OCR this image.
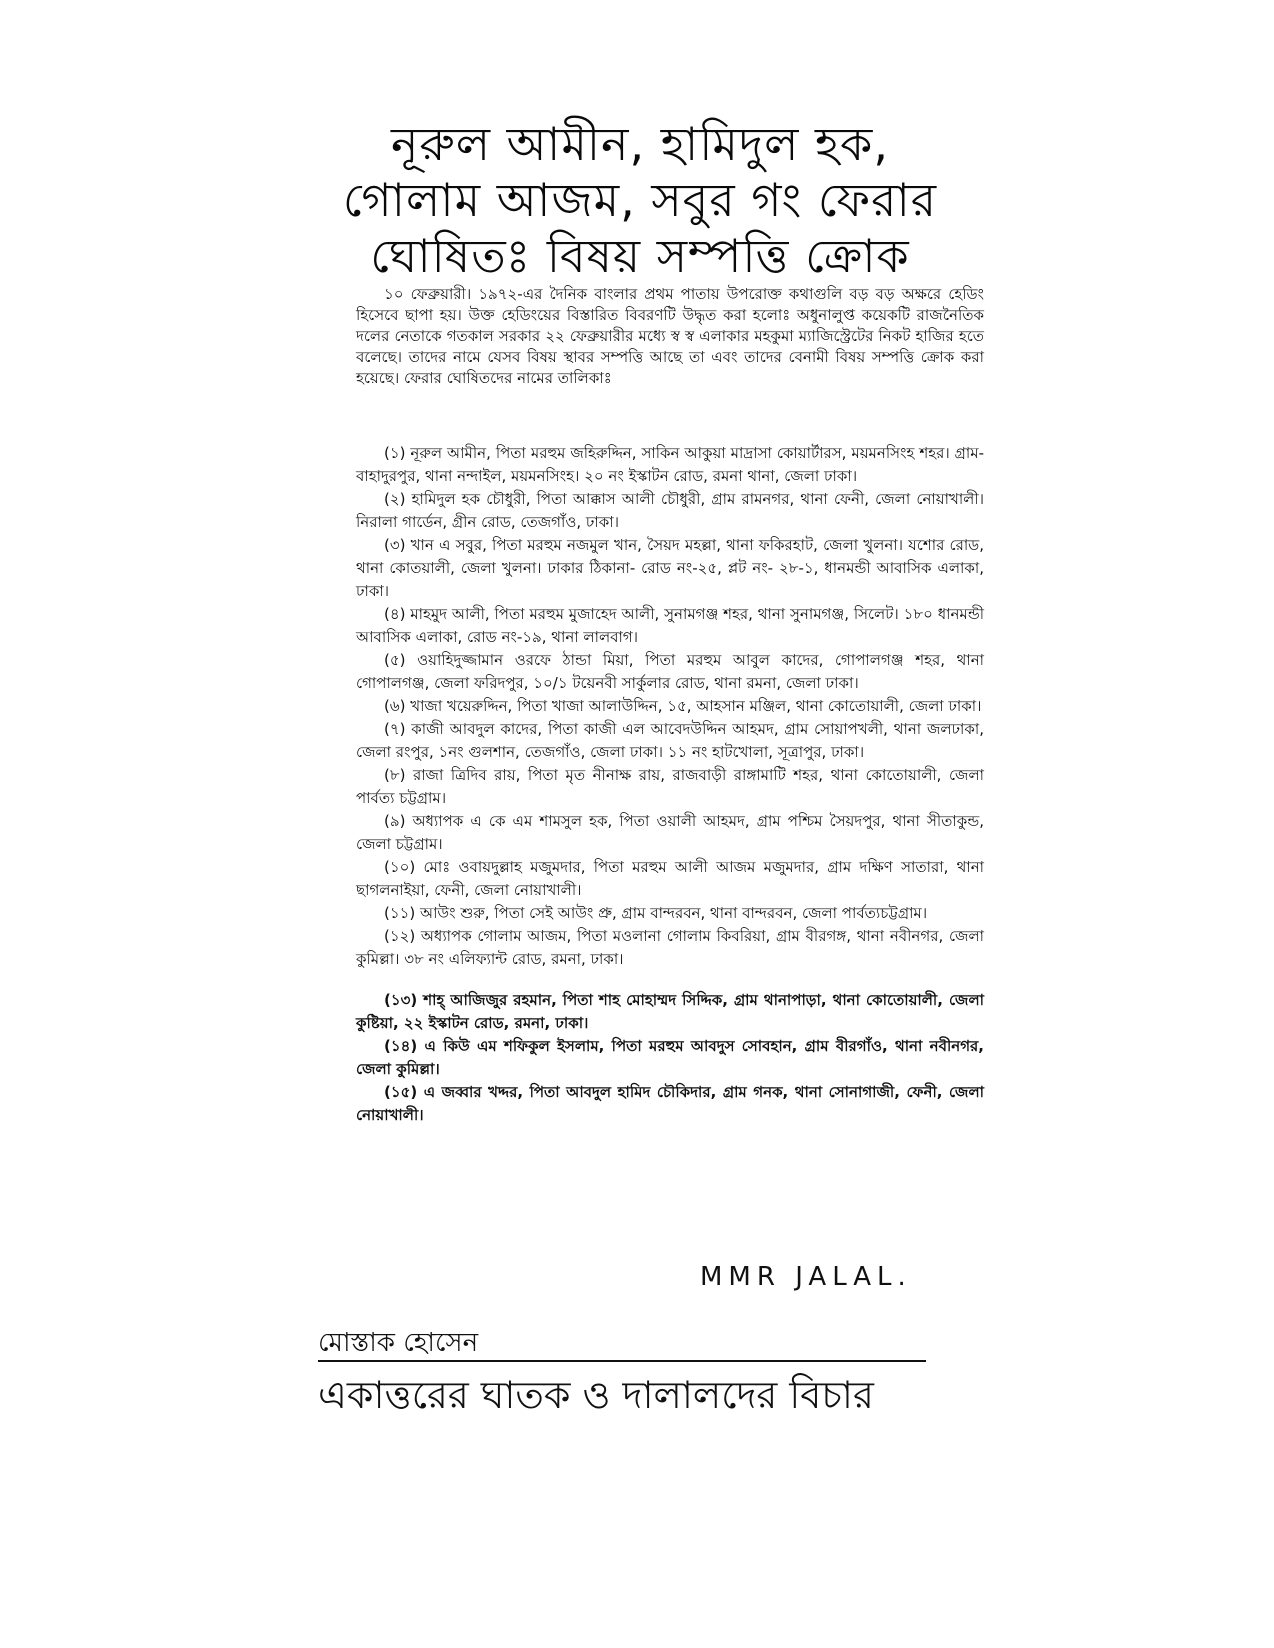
নূরুল আমীন, হামিদুল হক,
গোলাম আজম, সবুর গং ফেরার
ঘোষিতঃ বিষয় সম্পত্তি ক্রোক

১০ ফেব্রুয়ারী। ১৯৭২-এর দৈনিক বাংলার প্রথম পাতায় উপরোক্ত কথাগুলি বড় বড় অক্ষরে হেডিং হিসেবে ছাপা হয়। উক্ত হেডিংয়ের বিস্তারিত বিবরণটি উদ্ধৃত করা হলোঃ অধুনালুপ্ত কয়েকটি রাজনৈতিক দলের নেতাকে গতকাল সরকার ২২ ফেব্রুয়ারীর মধ্যে স্ব স্ব এলাকার মহকুমা ম্যাজিস্ট্রেটের নিকট হাজির হতে বলেছে। তাদের নামে যেসব বিষয় স্থাবর সম্পত্তি আছে তা এবং তাদের বেনামী বিষয় সম্পত্তি ক্রোক করা হয়েছে। ফেরার ঘোষিতদের নামের তালিকাঃ

(১) নূরুল আমীন, পিতা মরহুম জহিরুদ্দিন, সাকিন আকুয়া মাদ্রাসা কোয়ার্টারস, ময়মনসিংহ শহর। গ্রাম- বাহাদুরপুর, থানা নন্দাইল, ময়মনসিংহ। ২০ নং ইস্কাটন রোড, রমনা থানা, জেলা ঢাকা।

(২) হামিদুল হক চৌধুরী, পিতা আক্কাস আলী চৌধুরী, গ্রাম রামনগর, থানা ফেনী, জেলা নোয়াখালী। নিরালা গার্ডেন, গ্রীন রোড, তেজগাঁও, ঢাকা।

(৩) খান এ সবুর, পিতা মরহুম নজমুল খান, সৈয়দ মহল্লা, থানা ফকিরহাট, জেলা খুলনা। যশোর রোড, থানা কোতয়ালী, জেলা খুলনা। ঢাকার ঠিকানা- রোড নং-২৫, প্লট নং- ২৮-১, ধানমন্ডী আবাসিক এলাকা, ঢাকা।

(৪) মাহমুদ আলী, পিতা মরহুম মুজাহেদ আলী, সুনামগঞ্জ শহর, থানা সুনামগঞ্জ, সিলেট। ১৮০ ধানমন্ডী আবাসিক এলাকা, রোড নং-১৯, থানা লালবাগ।

(৫) ওয়াহিদুজ্জামান ওরফে ঠান্ডা মিয়া, পিতা মরহুম আবুল কাদের, গোপালগঞ্জ শহর, থানা গোপালগঞ্জ, জেলা ফরিদপুর, ১০/১ টয়েনবী সার্কুলার রোড, থানা রমনা, জেলা ঢাকা।

(৬) খাজা খয়েরুদ্দিন, পিতা খাজা আলাউদ্দিন, ১৫, আহসান মঞ্জিল, থানা কোতোয়ালী, জেলা ঢাকা।

(৭) কাজী আবদুল কাদের, পিতা কাজী এল আবেদউদ্দিন আহমদ, গ্রাম সোয়াপখলী, থানা জলঢাকা, জেলা রংপুর, ১নং গুলশান, তেজগাঁও, জেলা ঢাকা। ১১ নং হাটখোলা, সূত্রাপুর, ঢাকা।

(৮) রাজা ত্রিদিব রায়, পিতা মৃত নীনাক্ষ রায়, রাজবাড়ী রাঙ্গামাটি শহর, থানা কোতোয়ালী, জেলা পার্বত্য চট্টগ্রাম।

(৯) অধ্যাপক এ কে এম শামসুল হক, পিতা ওয়ালী আহমদ, গ্রাম পশ্চিম সৈয়দপুর, থানা সীতাকুন্ড, জেলা চট্টগ্রাম।

(১০) মোঃ ওবায়দুল্লাহ মজুমদার, পিতা মরহুম আলী আজম মজুমদার, গ্রাম দক্ষিণ সাতারা, থানা ছাগলনাইয়া, ফেনী, জেলা নোয়াখালী।

(১১) আউং শুরু, পিতা সেই আউং প্রু, গ্রাম বান্দরবন, থানা বান্দরবন, জেলা পার্বত্যচট্টগ্রাম।

(১২) অধ্যাপক গোলাম আজম, পিতা মওলানা গোলাম কিবরিয়া, গ্রাম বীরগঙ্গ, থানা নবীনগর, জেলা কুমিল্লা। ৩৮ নং এলিফ্যান্ট রোড, রমনা, ঢাকা।

(১৩) শাহ্ আজিজুর রহমান, পিতা শাহ মোহাম্মদ সিদ্দিক, গ্রাম থানাপাড়া, থানা কোতোয়ালী, জেলা কুষ্টিয়া, ২২ ইস্কাটন রোড, রমনা, ঢাকা।

(১৪) এ কিউ এম শফিকুল ইসলাম, পিতা মরহুম আবদুস সোবহান, গ্রাম বীরগাঁও, থানা নবীনগর, জেলা কুমিল্লা।

(১৫) এ জব্বার খদ্দর, পিতা আবদুল হামিদ চৌকিদার, গ্রাম গনক, থানা সোনাগাজী, ফেনী, জেলা নোয়াখালী।

MMR JALAL.
মোস্তাক হোসেন
একাত্তরের ঘাতক ও দালালদের বিচার
